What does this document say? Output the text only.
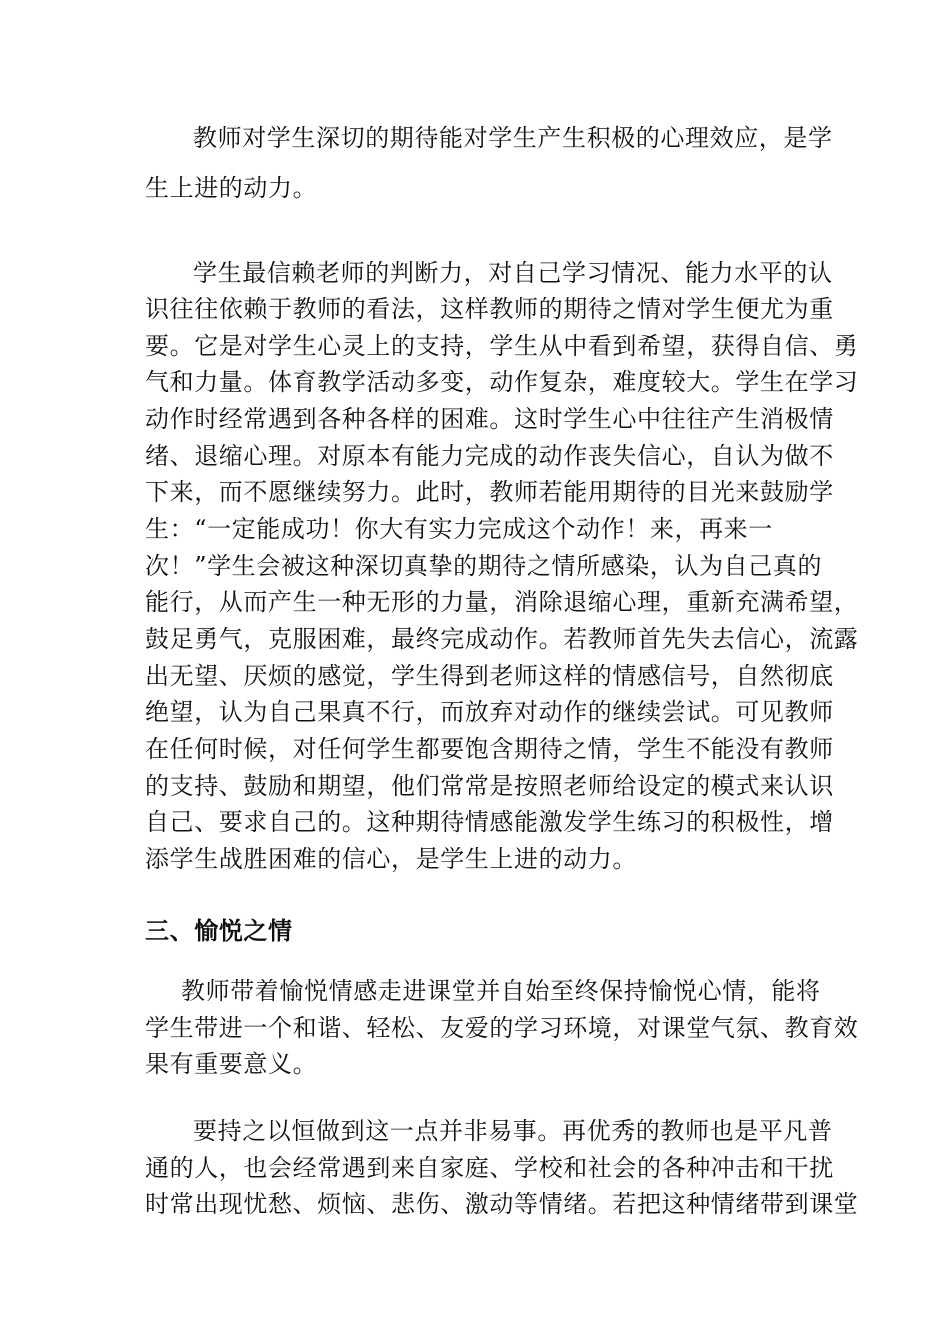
教师对学生深切的期待能对学生产生积极的心理效应，是学
生上进的动力。
学生最信赖老师的判断力，对自己学习情况、能力水平的认
识往往依赖于教师的看法，这样教师的期待之情对学生便尤为重
要。它是对学生心灵上的支持，学生从中看到希望，获得自信、勇
气和力量。体育教学活动多变，动作复杂，难度较大。学生在学习
动作时经常遇到各种各样的困难。这时学生心中往往产生消极情
绪、退缩心理。对原本有能力完成的动作丧失信心，自认为做不
下来，而不愿继续努力。此时，教师若能用期待的目光来鼓励学
生：“一定能成功！你大有实力完成这个动作！来，再来一
次！”学生会被这种深切真挚的期待之情所感染，认为自己真的
能行，从而产生一种无形的力量，消除退缩心理，重新充满希望，
鼓足勇气，克服困难，最终完成动作。若教师首先失去信心，流露
出无望、厌烦的感觉，学生得到老师这样的情感信号，自然彻底
绝望，认为自己果真不行，而放弃对动作的继续尝试。可见教师
在任何时候，对任何学生都要饱含期待之情，学生不能没有教师
的支持、鼓励和期望，他们常常是按照老师给设定的模式来认识
自己、要求自己的。这种期待情感能激发学生练习的积极性，增
添学生战胜困难的信心，是学生上进的动力。
三、愉悦之情
教师带着愉悦情感走进课堂并自始至终保持愉悦心情，能将
学生带进一个和谐、轻松、友爱的学习环境，对课堂气氛、教育效
果有重要意义。
要持之以恒做到这一点并非易事。再优秀的教师也是平凡普
通的人，也会经常遇到来自家庭、学校和社会的各种冲击和干扰
时常出现忧愁、烦恼、悲伤、激动等情绪。若把这种情绪带到课堂
